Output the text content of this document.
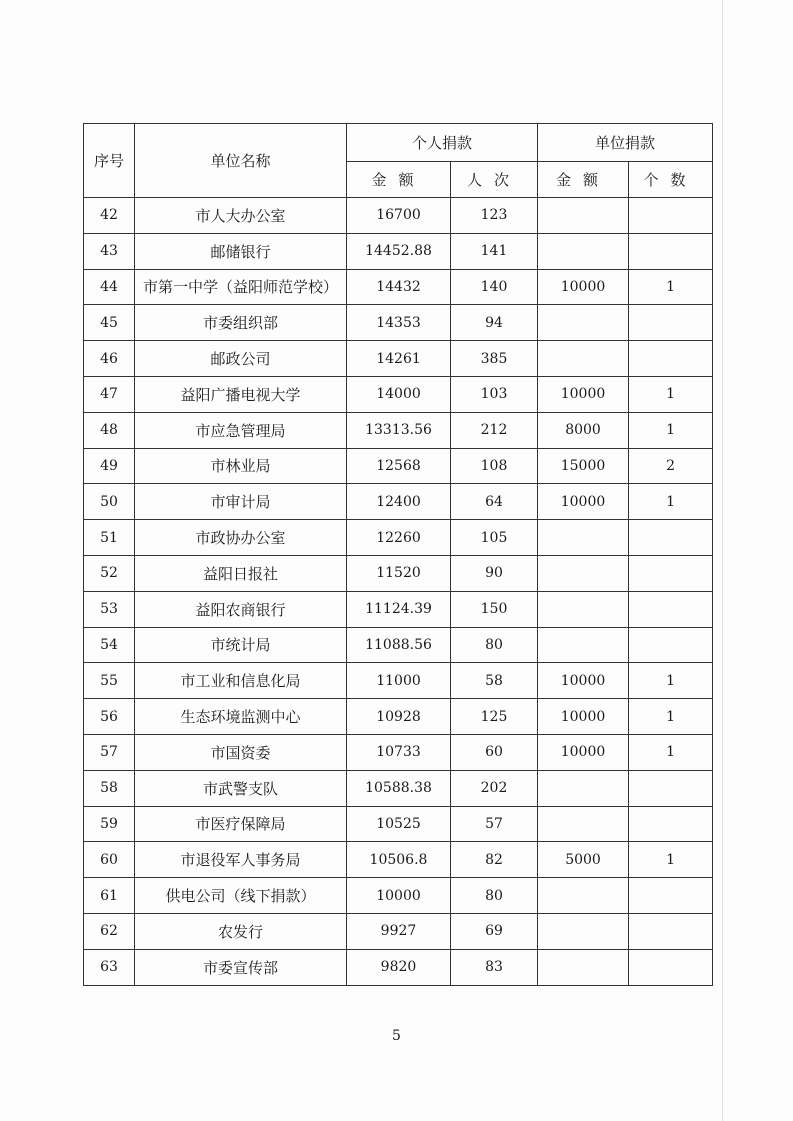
序号	单位名称	个人捐款		单位捐款	
		金额	人次	金额	个数
42	市人大办公室	16700	123		
43	邮储银行	14452.88	141		
44	市第一中学（益阳师范学校）	14432	140	10000	1
45	市委组织部	14353	94		
46	邮政公司	14261	385		
47	益阳广播电视大学	14000	103	10000	1
48	市应急管理局	13313.56	212	8000	1
49	市林业局	12568	108	15000	2
50	市审计局	12400	64	10000	1
51	市政协办公室	12260	105		
52	益阳日报社	11520	90		
53	益阳农商银行	11124.39	150		
54	市统计局	11088.56	80		
55	市工业和信息化局	11000	58	10000	1
56	生态环境监测中心	10928	125	10000	1
57	市国资委	10733	60	10000	1
58	市武警支队	10588.38	202		
59	市医疗保障局	10525	57		
60	市退役军人事务局	10506.8	82	5000	1
61	供电公司（线下捐款）	10000	80		
62	农发行	9927	69		
63	市委宣传部	9820	83		
5
